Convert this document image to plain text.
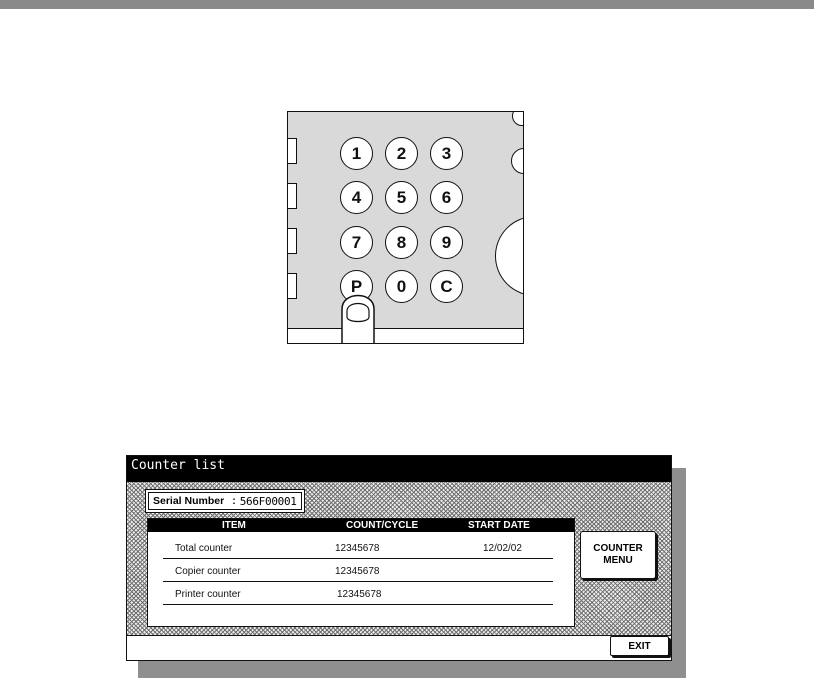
1	2	3
4	5	6
7	8	9
P	0	C
Counter list
Serial Number : 566F00001
ITEM	COUNT/CYCLE	START DATE
Total counter	12345678	12/02/02
Copier counter	12345678
Printer counter	12345678
COUNTER
MENU
EXIT
